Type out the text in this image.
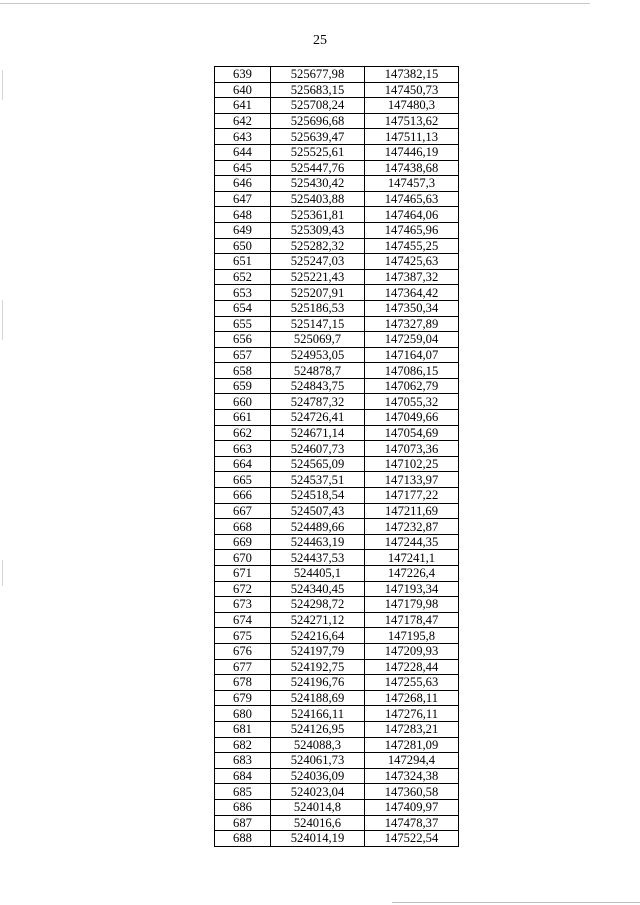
25
639	525677,98	147382,15
640	525683,15	147450,73
641	525708,24	147480,3
642	525696,68	147513,62
643	525639,47	147511,13
644	525525,61	147446,19
645	525447,76	147438,68
646	525430,42	147457,3
647	525403,88	147465,63
648	525361,81	147464,06
649	525309,43	147465,96
650	525282,32	147455,25
651	525247,03	147425,63
652	525221,43	147387,32
653	525207,91	147364,42
654	525186,53	147350,34
655	525147,15	147327,89
656	525069,7	147259,04
657	524953,05	147164,07
658	524878,7	147086,15
659	524843,75	147062,79
660	524787,32	147055,32
661	524726,41	147049,66
662	524671,14	147054,69
663	524607,73	147073,36
664	524565,09	147102,25
665	524537,51	147133,97
666	524518,54	147177,22
667	524507,43	147211,69
668	524489,66	147232,87
669	524463,19	147244,35
670	524437,53	147241,1
671	524405,1	147226,4
672	524340,45	147193,34
673	524298,72	147179,98
674	524271,12	147178,47
675	524216,64	147195,8
676	524197,79	147209,93
677	524192,75	147228,44
678	524196,76	147255,63
679	524188,69	147268,11
680	524166,11	147276,11
681	524126,95	147283,21
682	524088,3	147281,09
683	524061,73	147294,4
684	524036,09	147324,38
685	524023,04	147360,58
686	524014,8	147409,97
687	524016,6	147478,37
688	524014,19	147522,54
